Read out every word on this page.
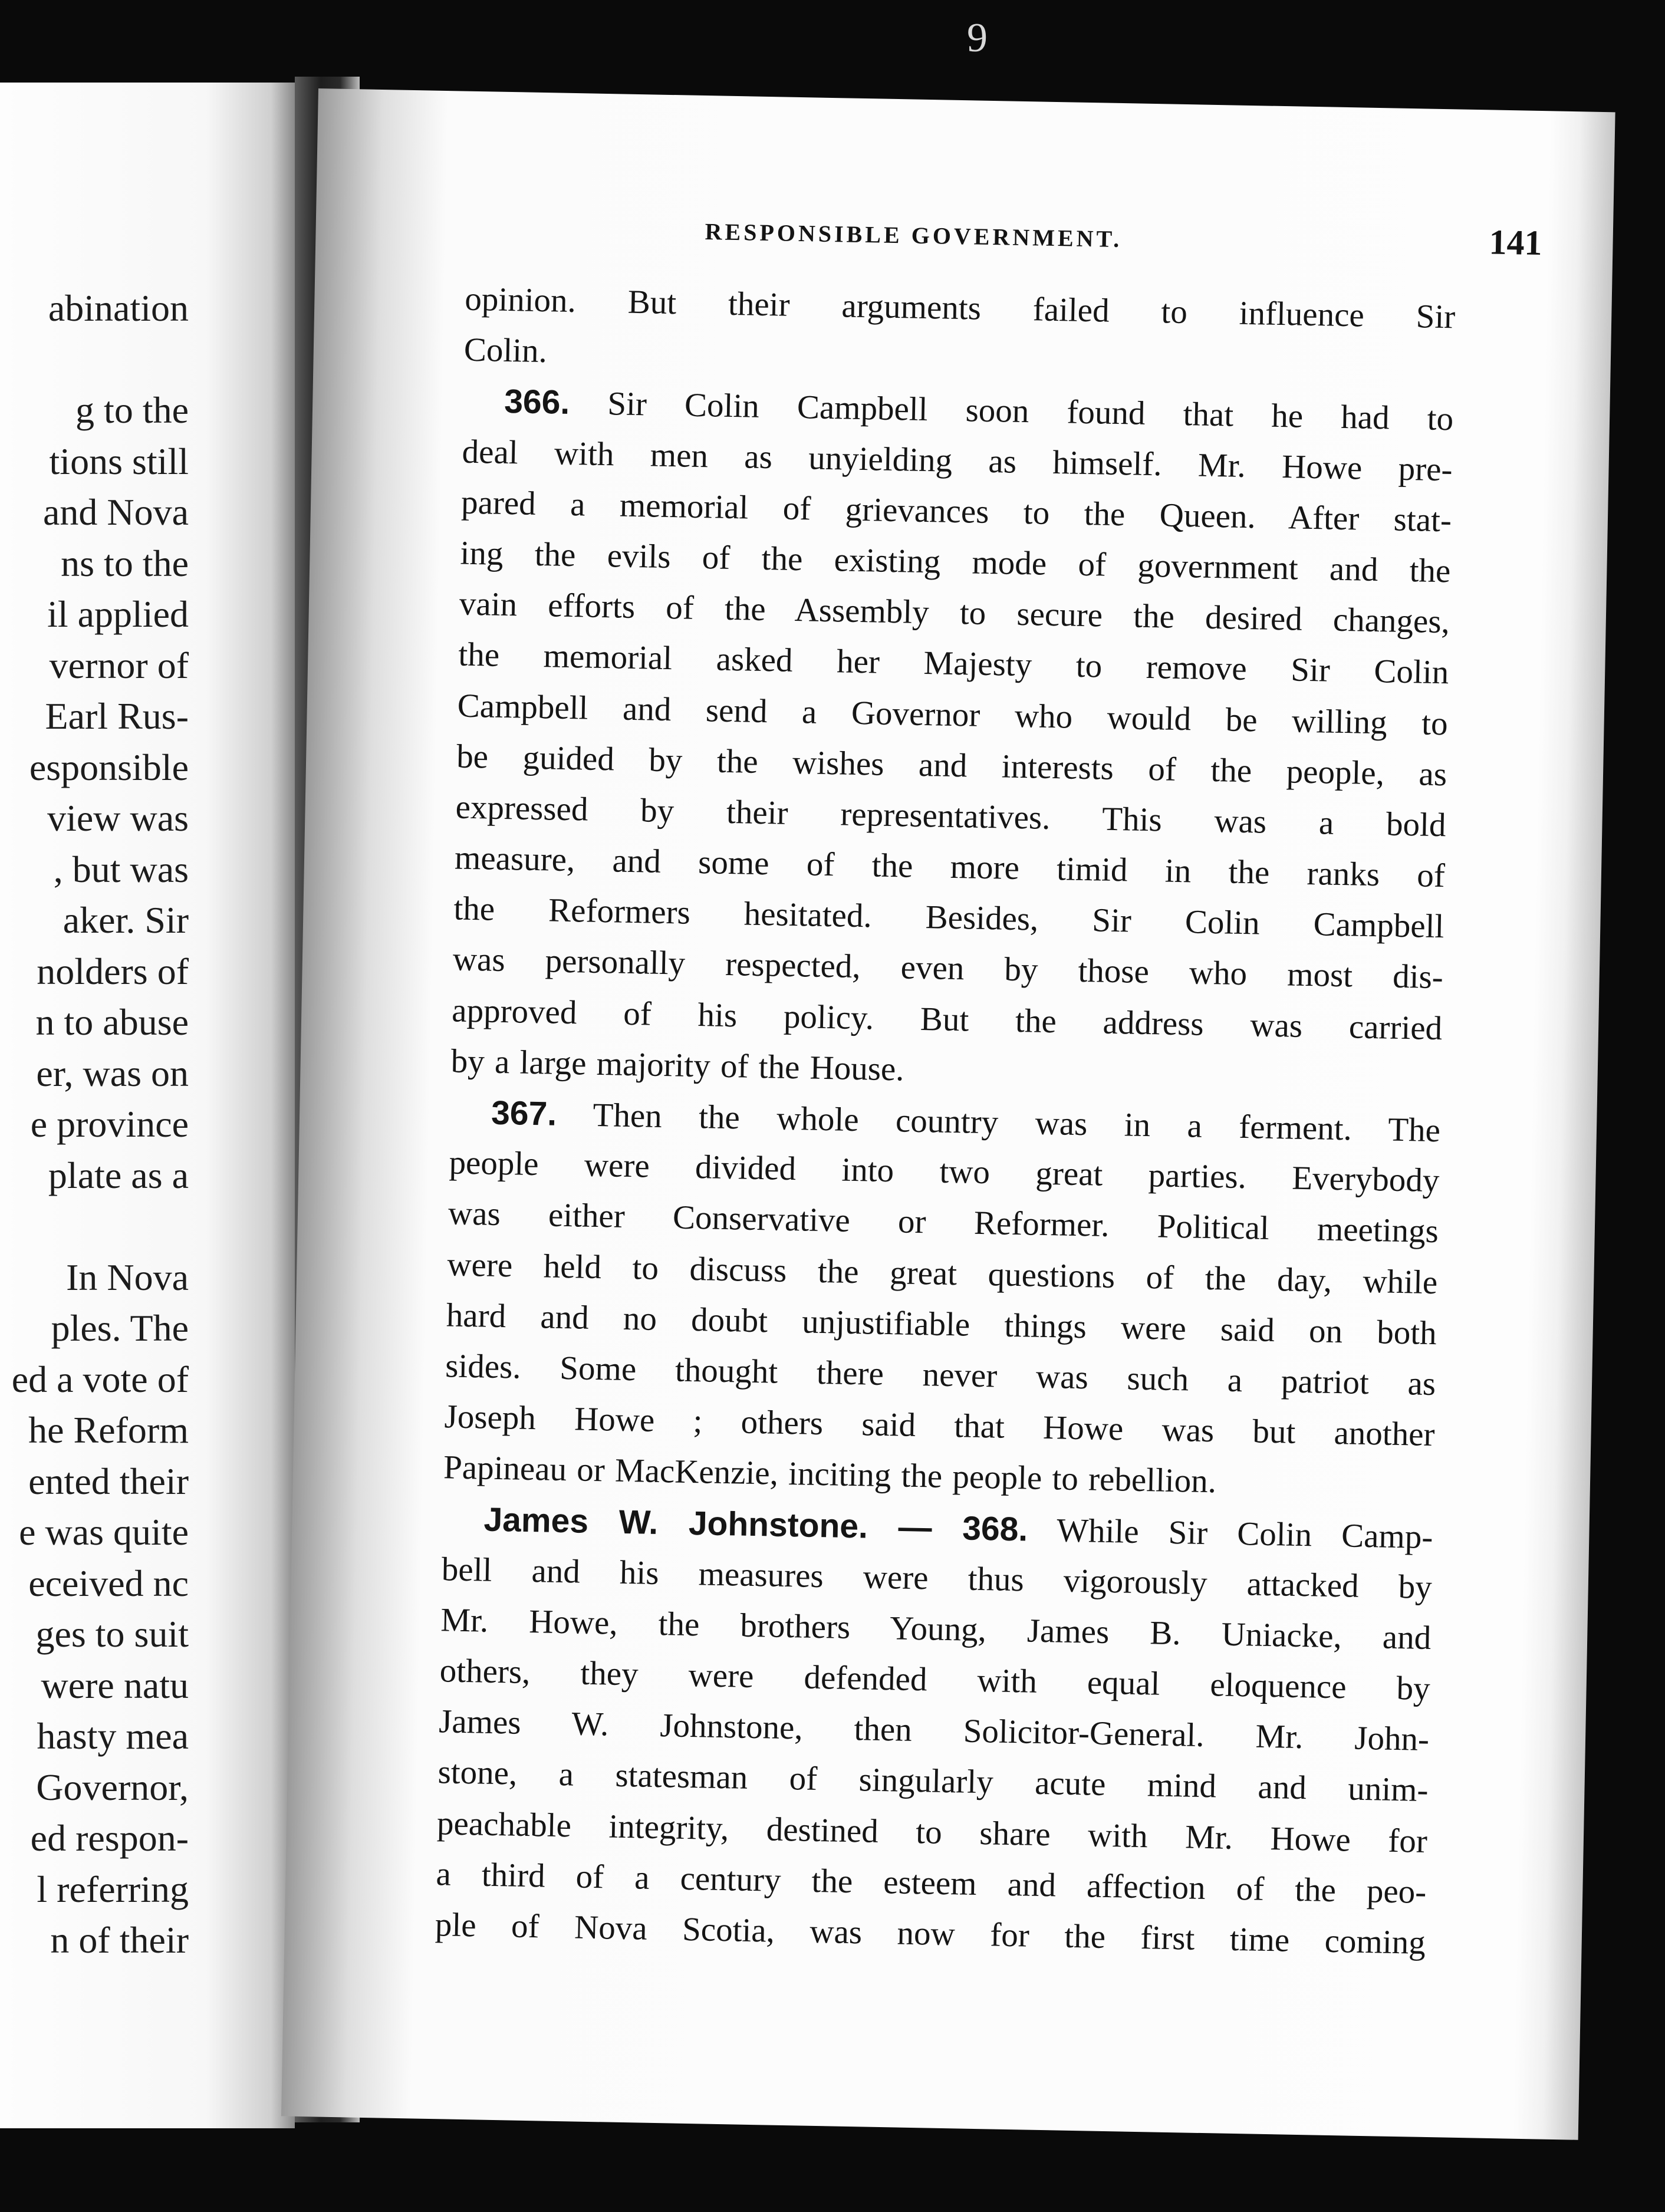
9
abination
g to the
tions still
and Nova
ns to the
il applied
vernor of
Earl Rus-
esponsible
view was
, but was
aker. Sir
nolders of
n to abuse
er, was on
e province
plate as a
In Nova
ples. The
ed a vote of
he Reform
ented their
e was quite
eceived nc
ges to suit
were natu
hasty mea
Governor,
ed respon-
l referring
n of their
RESPONSIBLE GOVERNMENT.	141
opinion. But their arguments failed to influence Sir
Colin.
366. Sir Colin Campbell soon found that he had to
deal with men as unyielding as himself. Mr. Howe pre-
pared a memorial of grievances to the Queen. After stat-
ing the evils of the existing mode of government and the
vain efforts of the Assembly to secure the desired changes,
the memorial asked her Majesty to remove Sir Colin
Campbell and send a Governor who would be willing to
be guided by the wishes and interests of the people, as
expressed by their representatives. This was a bold
measure, and some of the more timid in the ranks of
the Reformers hesitated. Besides, Sir Colin Campbell
was personally respected, even by those who most dis-
approved of his policy. But the address was carried
by a large majority of the House.
367. Then the whole country was in a ferment. The
people were divided into two great parties. Everybody
was either Conservative or Reformer. Political meetings
were held to discuss the great questions of the day, while
hard and no doubt unjustifiable things were said on both
sides. Some thought there never was such a patriot as
Joseph Howe ; others said that Howe was but another
Papineau or MacKenzie, inciting the people to rebellion.
James W. Johnstone. — 368. While Sir Colin Camp-
bell and his measures were thus vigorously attacked by
Mr. Howe, the brothers Young, James B. Uniacke, and
others, they were defended with equal eloquence by
James W. Johnstone, then Solicitor-General. Mr. John-
stone, a statesman of singularly acute mind and unim-
peachable integrity, destined to share with Mr. Howe for
a third of a century the esteem and affection of the peo-
ple of Nova Scotia, was now for the first time coming
